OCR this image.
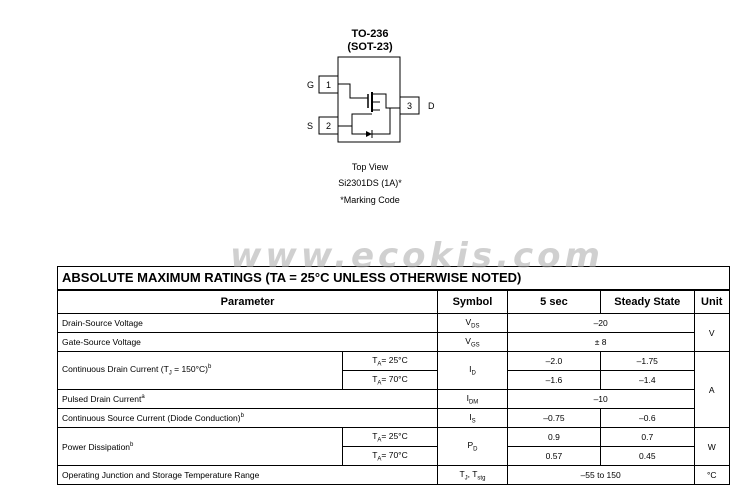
TO-236
(SOT-23)
G
S
D
1
2
3
Top View
Si2301DS (1A)*
*Marking Code
www.ecokis.com
ABSOLUTE MAXIMUM RATINGS (TA = 25°C UNLESS OTHERWISE NOTED)
Parameter		Symbol	5 sec	Steady State	Unit
Drain-Source Voltage		$V_{DS}$	–20		V
Gate-Source Voltage		$V_{GS}$	± 8		
Continuous Drain Current $(T_J = 150^\circ C)^b$	$T_A= 25^\circ C$	$I_D$	–2.0	–1.75	A
	$T_A= 70^\circ C$		–1.6	–1.4	
Pulsed Drain Current$^a$		$I_{DM}$	–10		
Continuous Source Current (Diode Conduction)$^b$		$I_S$	–0.75	–0.6	
Power Dissipation$^b$	$T_A= 25^\circ C$	$P_D$	0.9	0.7	W
	$T_A= 70^\circ C$		0.57	0.45	
Operating Junction and Storage Temperature Range		$T_J$, $T_{stg}$	–55 to 150		°C
